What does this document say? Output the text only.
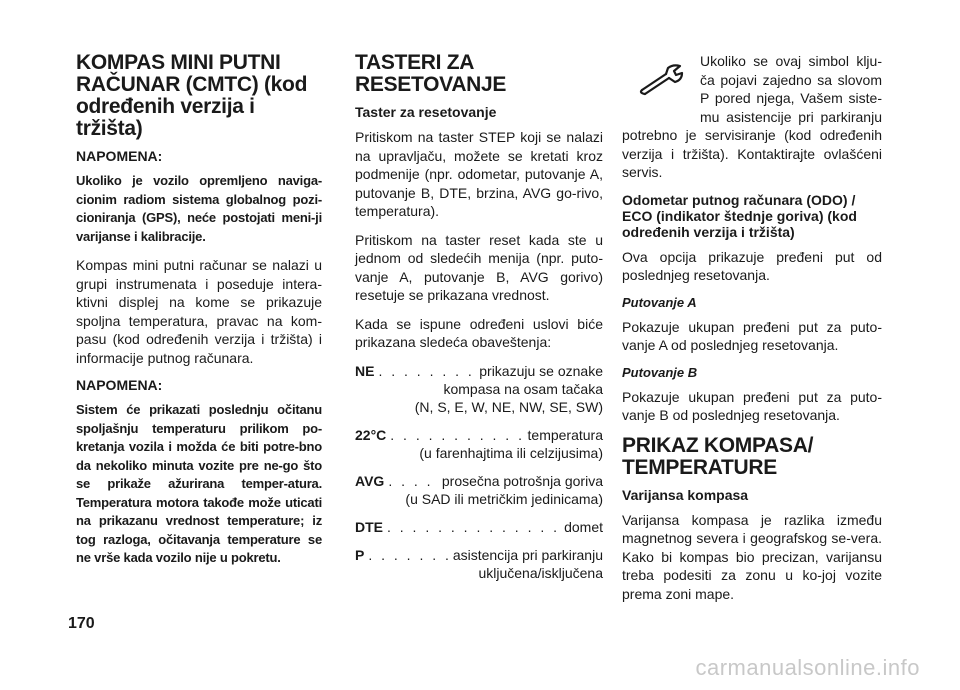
KOMPAS MINI PUTNI RAČUNAR (CMTC) (kod određenih verzija i tržišta)
NAPOMENA:
Ukoliko je vozilo opremljeno naviga-cionim radiom sistema globalnog pozi-cioniranja (GPS), neće postojati meni-ji varijanse i kalibracije.

Kompas mini putni računar se nalazi u grupi instrumenata i poseduje intera-ktivni displej na kome se prikazuje spoljna temperatura, pravac na kom-pasu (kod određenih verzija i tržišta) i informacije putnog računara.

NAPOMENA:
Sistem će prikazati poslednju očitanu spoljašnju temperaturu prilikom po-kretanja vozila i možda će biti potre-bno da nekoliko minuta vozite pre ne-go što se prikaže ažurirana temper-atura. Temperatura motora takođe može uticati na prikazanu vrednost temperature; iz tog razloga, očitavanja temperature se ne vrše kada vozilo nije u pokretu.
TASTERI ZA RESETOVANJE
Taster za resetovanje

Pritiskom na taster STEP koji se nalazi na upravljaču, možete se kretati kroz podmenije (npr. odometar, putovanje A, putovanje B, DTE, brzina, AVG go-rivo, temperatura).

Pritiskom na taster reset kada ste u jednom od sledećih menija (npr. puto-vanje A, putovanje B, AVG gorivo) resetuje se prikazana vrednost.

Kada se ispune određeni uslovi biće prikazana sledeća obaveštenja:

NE . . .	prikazuju se oznake
kompasa na osam tačaka
(N, S, E, W, NE, NW, SE, SW)
22°C . . .	temperatura
(u farenhajtima ili celzijusima)
AVG . . .	prosečna potrošnja goriva
(u SAD ili metričkim jedinicama)
DTE . . .	domet
P . . .	asistencija pri parkiranju
uključena/isključena

Ukoliko se ovaj simbol klju-ča pojavi zajedno sa slovom P pored njega, Vašem siste-mu asistencije pri parkiranju potrebno je servisiranje (kod određenih verzija i tržišta). Kontaktirajte ovlašćeni servis.

Odometar putnog računara (ODO) / ECO (indikator štednje goriva) (kod određenih verzija i tržišta)

Ova opcija prikazuje pređeni put od poslednjeg resetovanja.

Putovanje A

Pokazuje ukupan pređeni put za puto-vanje A od poslednjeg resetovanja.

Putovanje B

Pokazuje ukupan pređeni put za puto-vanje B od poslednjeg resetovanja.

PRIKAZ KOMPASA/ TEMPERATURE
Varijansa kompasa

Varijansa kompasa je razlika između magnetnog severa i geografskog se-vera. Kako bi kompas bio precizan, varijansu treba podesiti za zonu u ko-joj vozite prema zoni mape.

170
carmanualsonline.info
